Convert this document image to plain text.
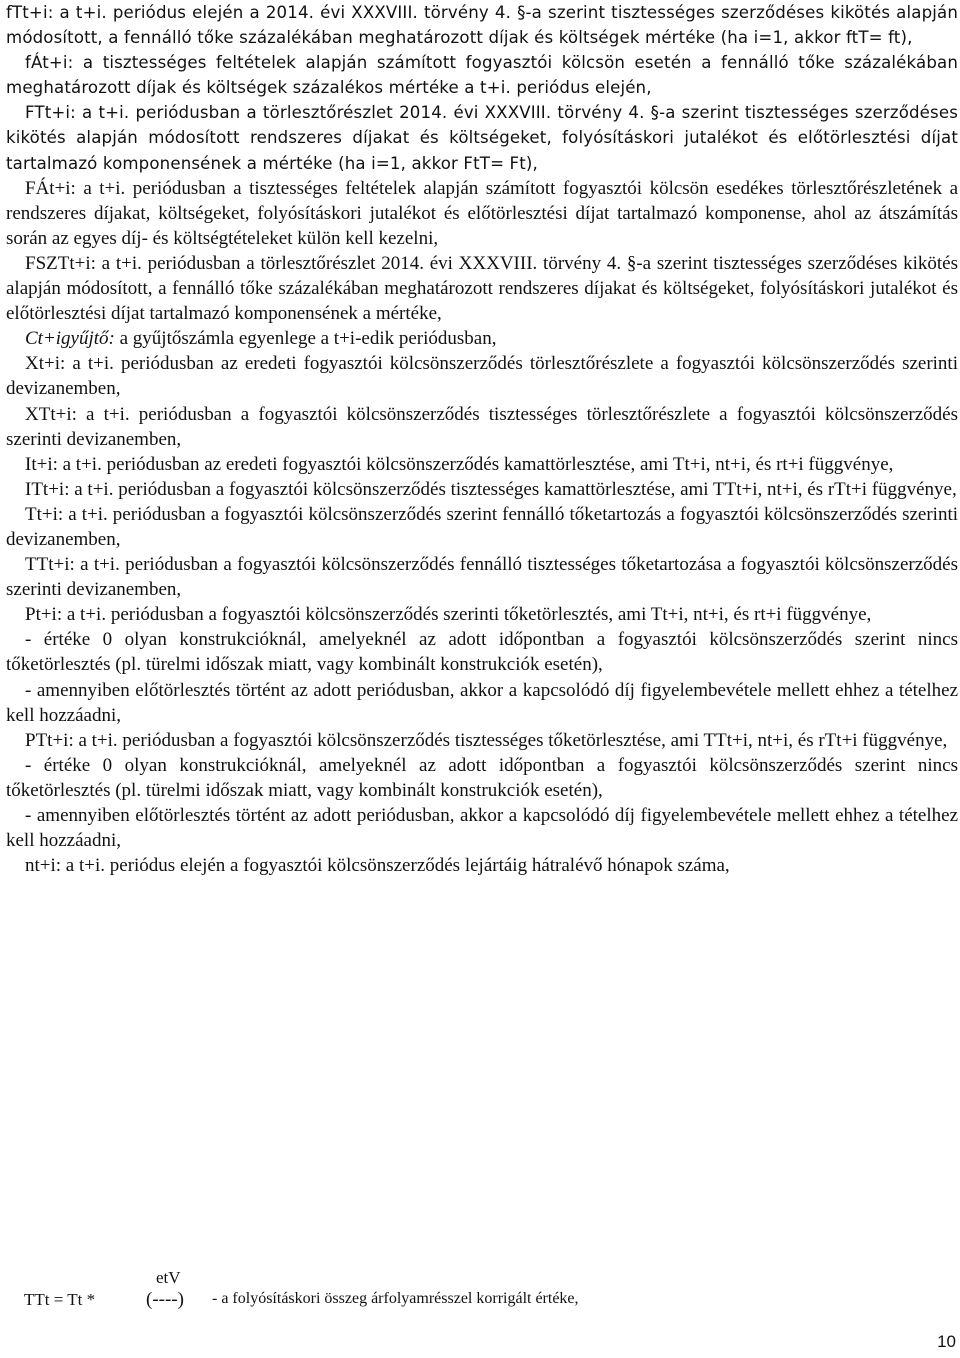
fTt+i: a t+i. periódus elején a 2014. évi XXXVIII. törvény 4. §-a szerint tisztességes szerződéses kikötés alapján módosított, a fennálló tőke százalékában meghatározott díjak és költségek mértéke (ha i=1, akkor ftT= ft),

fÁt+i: a tisztességes feltételek alapján számított fogyasztói kölcsön esetén a fennálló tőke százalékában meghatározott díjak és költségek százalékos mértéke a t+i. periódus elején,

FTt+i: a t+i. periódusban a törlesztőrészlet 2014. évi XXXVIII. törvény 4. §-a szerint tisztességes szerződéses kikötés alapján módosított rendszeres díjakat és költségeket, folyósításkori jutalékot és előtörlesztési díjat tartalmazó komponensének a mértéke (ha i=1, akkor FtT= Ft),

FÁt+i: a t+i. periódusban a tisztességes feltételek alapján számított fogyasztói kölcsön esedékes törlesztőrészletének a rendszeres díjakat, költségeket, folyósításkori jutalékot és előtörlesztési díjat tartalmazó komponense, ahol az átszámítás során az egyes díj- és költségtételeket külön kell kezelni,

FSZTt+i: a t+i. periódusban a törlesztőrészlet 2014. évi XXXVIII. törvény 4. §-a szerint tisztességes szerződéses kikötés alapján módosított, a fennálló tőke százalékában meghatározott rendszeres díjakat és költségeket, folyósításkori jutalékot és előtörlesztési díjat tartalmazó komponensének a mértéke,

Ct+igyűjtő: a gyűjtőszámla egyenlege a t+i-edik periódusban,

Xt+i: a t+i. periódusban az eredeti fogyasztói kölcsönszerződés törlesztőrészlete a fogyasztói kölcsönszerződés szerinti devizanemben,

XTt+i: a t+i. periódusban a fogyasztói kölcsönszerződés tisztességes törlesztőrészlete a fogyasztói kölcsönszerződés szerinti devizanemben,

It+i: a t+i. periódusban az eredeti fogyasztói kölcsönszerződés kamattörlesztése, ami Tt+i, nt+i, és rt+i függvénye,

ITt+i: a t+i. periódusban a fogyasztói kölcsönszerződés tisztességes kamattörlesztése, ami TTt+i, nt+i, és rTt+i függvénye,

Tt+i: a t+i. periódusban a fogyasztói kölcsönszerződés szerint fennálló tőketartozás a fogyasztói kölcsönszerződés szerinti devizanemben,

TTt+i: a t+i. periódusban a fogyasztói kölcsönszerződés fennálló tisztességes tőketartozása a fogyasztói kölcsönszerződés szerinti devizanemben,

Pt+i: a t+i. periódusban a fogyasztói kölcsönszerződés szerinti tőketörlesztés, ami Tt+i, nt+i, és rt+i függvénye,

- értéke 0 olyan konstrukcióknál, amelyeknél az adott időpontban a fogyasztói kölcsönszerződés szerint nincs tőketörlesztés (pl. türelmi időszak miatt, vagy kombinált konstrukciók esetén),

- amennyiben előtörlesztés történt az adott periódusban, akkor a kapcsolódó díj figyelembevétele mellett ehhez a tételhez kell hozzáadni,

PTt+i: a t+i. periódusban a fogyasztói kölcsönszerződés tisztességes tőketörlesztése, ami TTt+i, nt+i, és rTt+i függvénye,

- értéke 0 olyan konstrukcióknál, amelyeknél az adott időpontban a fogyasztói kölcsönszerződés szerint nincs tőketörlesztés (pl. türelmi időszak miatt, vagy kombinált konstrukciók esetén),

- amennyiben előtörlesztés történt az adott periódusban, akkor a kapcsolódó díj figyelembevétele mellett ehhez a tételhez kell hozzáadni,

nt+i: a t+i. periódus elején a fogyasztói kölcsönszerződés lejártáig hátralévő hónapok száma,

TTt = Tt *
etV
(----) - a folyósításkori összeg árfolyamrésszel korrigált értéke,
10
